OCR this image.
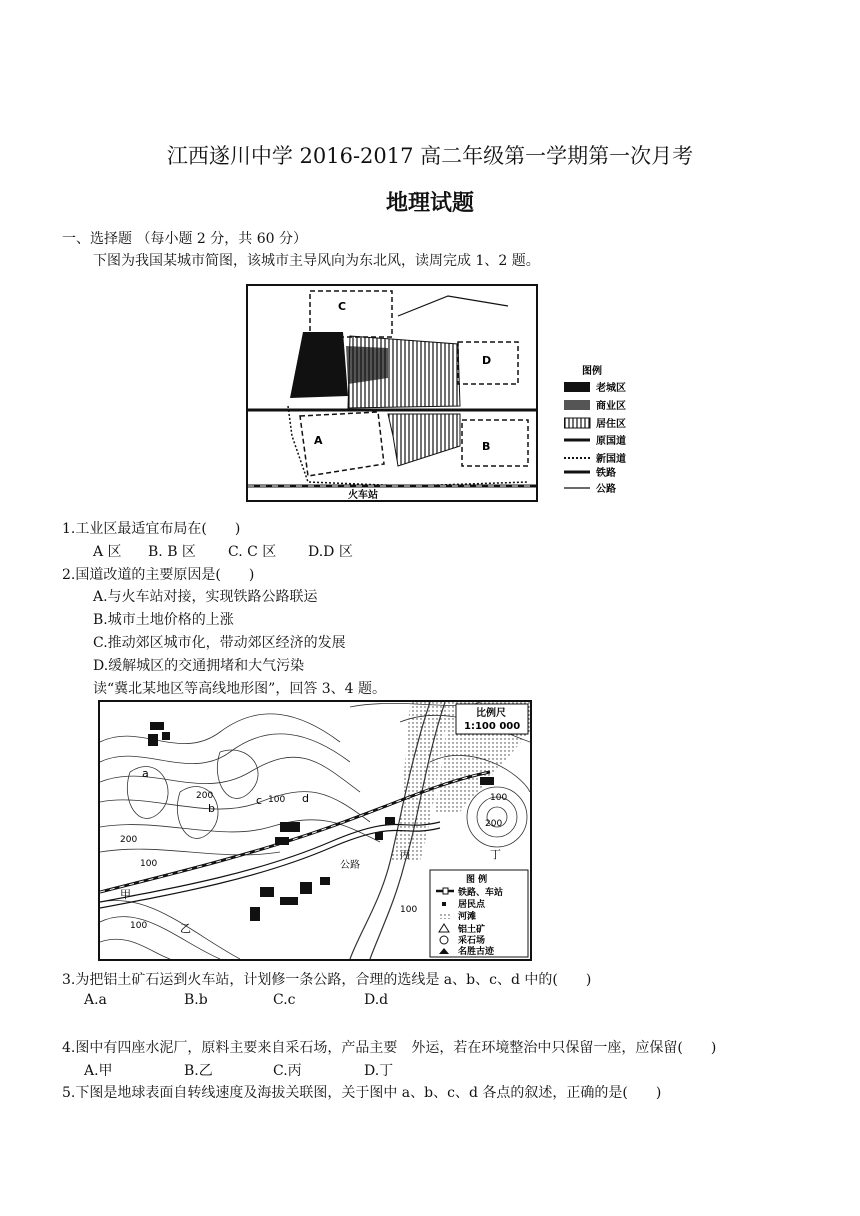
江西遂川中学 2016-2017 高二年级第一学期第一次月考
地理试题
一、选择题 （每小题 2 分，共 60 分）
下图为我国某城市简图，该城市主导风向为东北风，读周完成 1、2 题。
C
D
A	B
火车站
图例
老城区
商业区
居住区
原国道
新国道
铁路
公路
1.工业区最适宜布局在(　　)
A 区 B. B 区 C. C 区 D.D 区
2.国道改道的主要原因是(　　)
A.与火车站对接，实现铁路公路联运
B.城市土地价格的上涨
C.推动郊区城市化，带动郊区经济的发展
D.缓解城区的交通拥堵和大气污染
读“冀北某地区等高线地形图”，回答 3、4 题。
a
b
c	d
甲
乙
丙	丁
200	100
100
100
200
100
100
200
公路
比例尺
1:100 000
图 例
铁路、车站
居民点
河滩
铝土矿
采石场
名胜古迹
3.为把铝土矿石运到火车站，计划修一条公路，合理的选线是 a、b、c、d 中的(　　)
A.a	B.b	C.c	D.d
4.图中有四座水泥厂，原料主要来自采石场，产品主要　外运，若在环境整治中只保留一座，应保留(　　)
A.甲	B.乙	C.丙	D.丁
5.下图是地球表面自转线速度及海拔关联图，关于图中 a、b、c、d 各点的叙述，正确的是(　　)
